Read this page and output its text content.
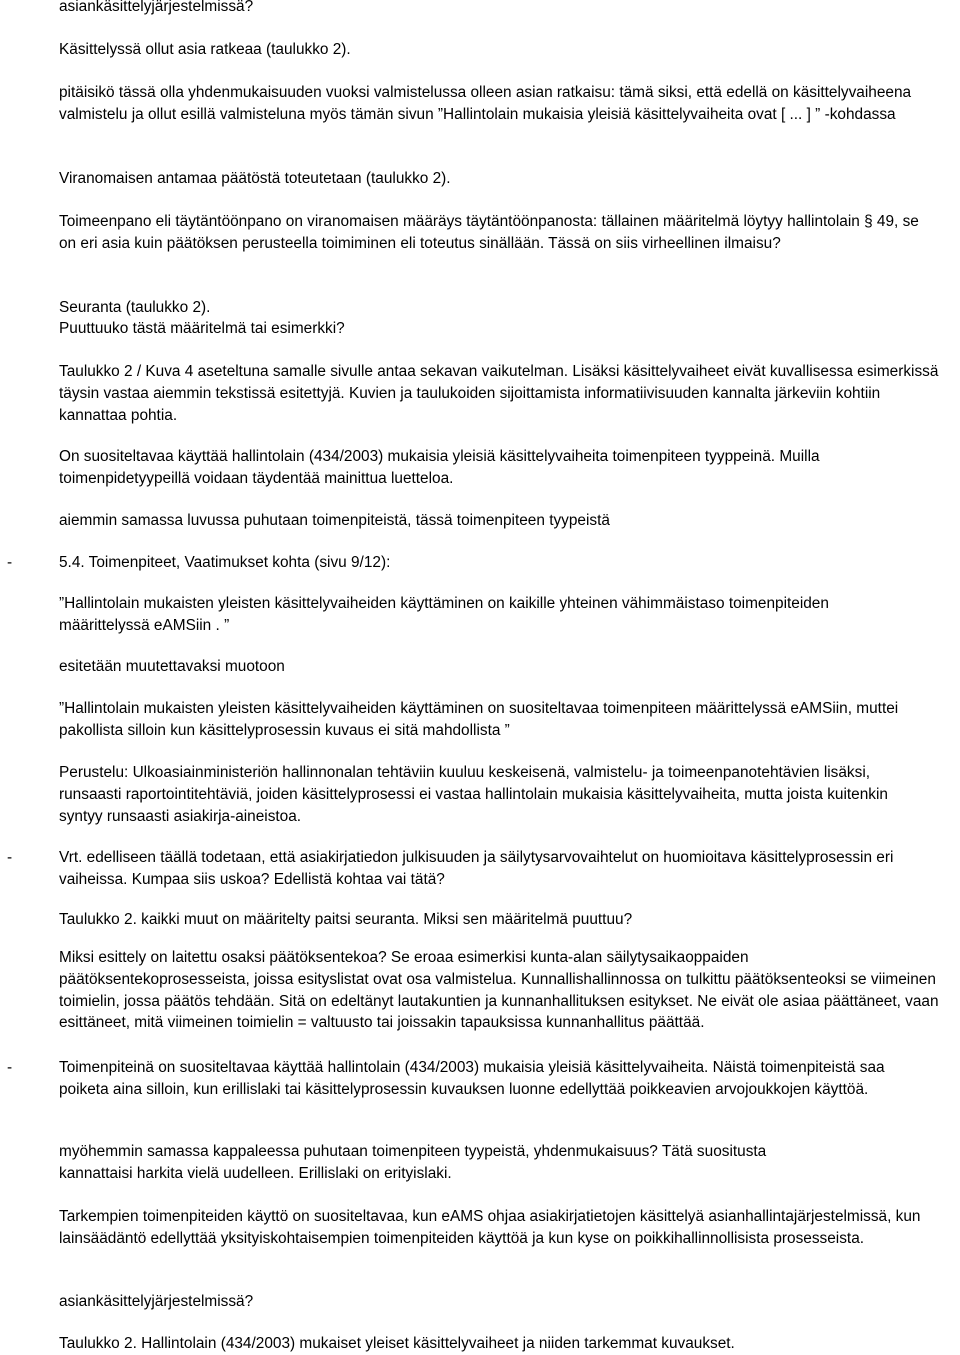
asiankäsittelyjärjestelmissä?

Käsittelyssä ollut asia ratkeaa (taulukko 2).

pitäisikö tässä olla yhdenmukaisuuden vuoksi valmistelussa olleen asian ratkaisu: tämä siksi, että edellä on käsittelyvaiheena valmistelu ja ollut esillä valmisteluna myös tämän sivun ”Hallintolain mukaisia yleisiä käsittelyvaiheita ovat [ ... ] ” -kohdassa

Viranomaisen antamaa päätöstä toteutetaan (taulukko 2).

Toimeenpano eli täytäntöönpano on viranomaisen määräys täytäntöönpanosta: tällainen määritelmä löytyy hallintolain § 49, se on eri asia kuin päätöksen perusteella toimiminen eli toteutus sinällään. Tässä on siis virheellinen ilmaisu?

Seuranta (taulukko 2).

Puuttuuko tästä määritelmä tai esimerkki?

Taulukko 2 / Kuva 4 aseteltuna samalle sivulle antaa sekavan vaikutelman. Lisäksi käsittelyvaiheet eivät kuvallisessa esimerkissä täysin vastaa aiemmin tekstissä esitettyjä. Kuvien ja taulukoiden sijoittamista informatiivisuuden kannalta järkeviin kohtiin kannattaa pohtia.

On suositeltavaa käyttää hallintolain (434/2003) mukaisia yleisiä käsittelyvaiheita toimenpiteen tyyppeinä. Muilla toimenpidetyypeillä voidaan täydentää mainittua luetteloa.

aiemmin samassa luvussa puhutaan toimenpiteistä, tässä toimenpiteen tyypeistä

-	5.4. Toimenpiteet, Vaatimukset kohta (sivu 9/12):

”Hallintolain mukaisten yleisten käsittelyvaiheiden käyttäminen on kaikille yhteinen vähimmäistaso toimenpiteiden määrittelyssä eAMSiin . ”

esitetään muutettavaksi muotoon

”Hallintolain mukaisten yleisten käsittelyvaiheiden käyttäminen on suositeltavaa toimenpiteen määrittelyssä eAMSiin, muttei pakollista silloin kun käsittelyprosessin kuvaus ei sitä mahdollista ”

Perustelu: Ulkoasiainministeriön hallinnonalan tehtäviin kuuluu keskeisenä, valmistelu- ja toimeenpanotehtävien lisäksi, runsaasti raportointitehtäviä, joiden käsittelyprosessi ei vastaa hallintolain mukaisia käsittelyvaiheita, mutta joista kuitenkin syntyy runsaasti asiakirja-aineistoa.

-	Vrt. edelliseen täällä todetaan, että asiakirjatiedon julkisuuden ja säilytysarvovaihtelut on huomioitava käsittelyprosessin eri vaiheissa. Kumpaa siis uskoa? Edellistä kohtaa vai tätä?

Taulukko 2. kaikki muut on määritelty paitsi seuranta. Miksi sen määritelmä puuttuu?

Miksi esittely on laitettu osaksi päätöksentekoa? Se eroaa esimerkisi kunta-alan säilytysaikaoppaiden päätöksentekoprosesseista, joissa esityslistat ovat osa valmistelua. Kunnallishallinnossa on tulkittu päätöksenteoksi se viimeinen toimielin, jossa päätös tehdään. Sitä on edeltänyt lautakuntien ja kunnanhallituksen esitykset. Ne eivät ole asiaa päättäneet, vaan esittäneet, mitä viimeinen toimielin = valtuusto tai joissakin tapauksissa kunnanhallitus päättää.

-	Toimenpiteinä on suositeltavaa käyttää hallintolain (434/2003) mukaisia yleisiä käsittelyvaiheita. Näistä toimenpiteistä saa poiketa aina silloin, kun erillislaki tai käsittelyprosessin kuvauksen luonne edellyttää poikkeavien arvojoukkojen käyttöä.

myöhemmin samassa kappaleessa puhutaan toimenpiteen tyypeistä, yhdenmukaisuus? Tätä suositusta kannattaisi harkita vielä uudelleen. Erillislaki on erityislaki.

Tarkempien toimenpiteiden käyttö on suositeltavaa, kun eAMS ohjaa asiakirjatietojen käsittelyä asianhallintajärjestelmissä, kun lainsäädäntö edellyttää yksityiskohtaisempien toimenpiteiden käyttöä ja kun kyse on poikkihallinnollisista prosesseista.

asiankäsittelyjärjestelmissä?

Taulukko 2. Hallintolain (434/2003) mukaiset yleiset käsittelyvaiheet ja niiden tarkemmat kuvaukset.
